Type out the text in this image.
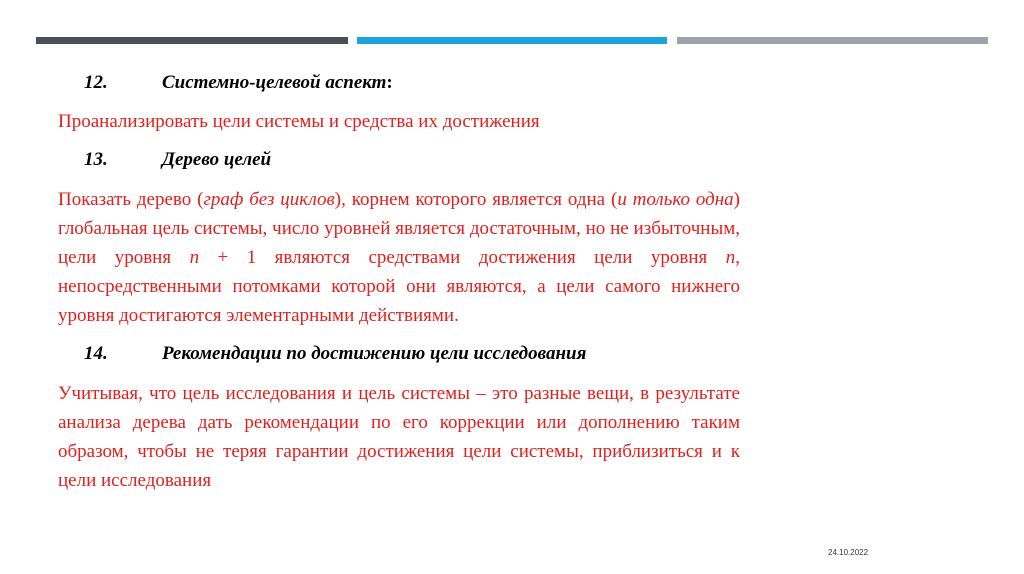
12.	Системно-целевой аспект:

Проанализировать цели системы и средства их достижения

13.	Дерево целей

Показать дерево (граф без циклов), корнем которого является одна (и только одна) глобальная цель системы, число уровней является достаточным, но не избыточным, цели уровня n + 1 являются средствами достижения цели уровня n, непосредственными потомками которой они являются, а цели самого нижнего уровня достигаются элементарными действиями.

14.	Рекомендации по достижению цели исследования

Учитывая, что цель исследования и цель системы – это разные вещи, в результате анализа дерева дать рекомендации по его коррекции или дополнению таким образом, чтобы не теряя гарантии достижения цели системы, приблизиться и к цели исследования

24.10.2022
